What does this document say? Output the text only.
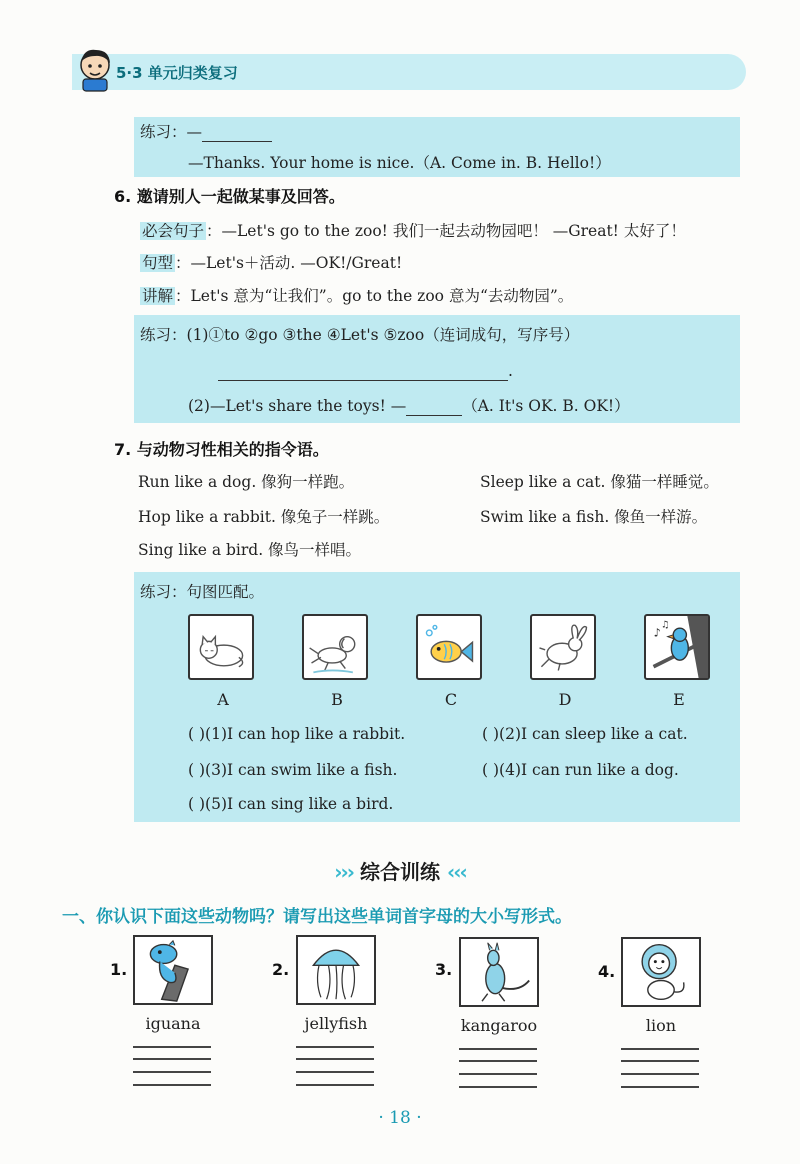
5·3 单元归类复习
练习：—
—Thanks. Your home is nice.（A. Come in. B. Hello!）
6. 邀请别人一起做某事及回答。
必会句子 ：—Let's go to the zoo! 我们一起去动物园吧！ —Great! 太好了！
句型 ：—Let's＋活动. —OK!/Great!
讲解 ：Let's 意为“让我们”。go to the zoo 意为“去动物园”。
练习：(1)①to ②go ③the ④Let's ⑤zoo（连词成句，写序号）
.
(2)—Let's share the toys! —	（A. It's OK. B. OK!）
7. 与动物习性相关的指令语。
Run like a dog. 像狗一样跑。	Sleep like a cat. 像猫一样睡觉。
Hop like a rabbit. 像兔子一样跳。	Swim like a fish. 像鱼一样游。
Sing like a bird. 像鸟一样唱。
练习：句图匹配。
♪
♫
A	B	C	D	E
( )(1)I can hop like a rabbit.	( )(2)I can sleep like a cat.
( )(3)I can swim like a fish.	( )(4)I can run like a dog.
( )(5)I can sing like a bird.
››› 综合训练 ‹‹‹
一、你认识下面这些动物吗？请写出这些单词首字母的大小写形式。
1.
iguana
2.
jellyfish
3.
kangaroo
4.
lion
· 18 ·
